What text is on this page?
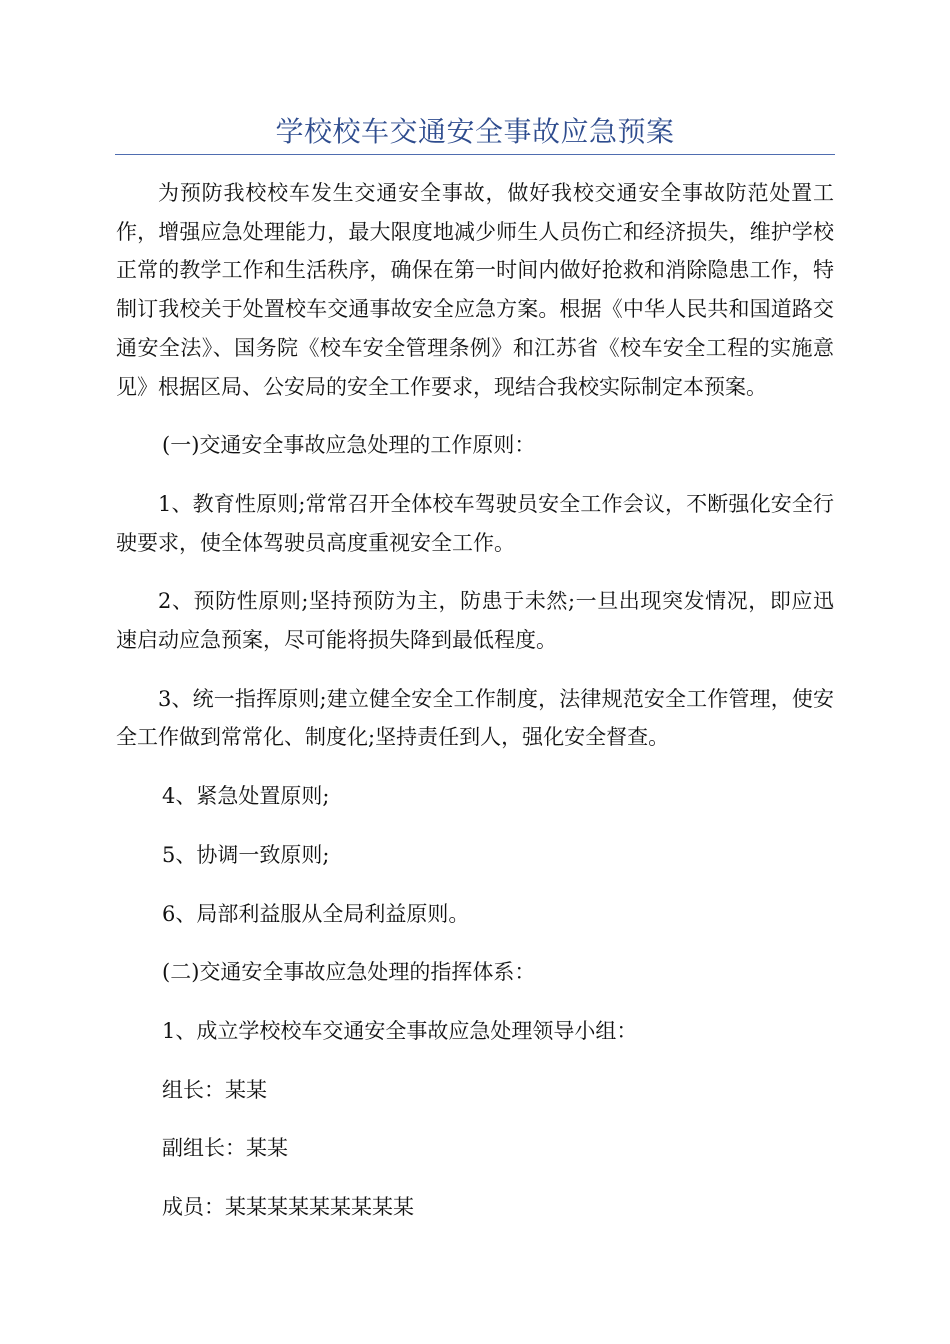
学校校车交通安全事故应急预案

为预防我校校车发生交通安全事故，做好我校交通安全事故防范处置工作，增强应急处理能力，最大限度地减少师生人员伤亡和经济损失，维护学校正常的教学工作和生活秩序，确保在第一时间内做好抢救和消除隐患工作，特制订我校关于处置校车交通事故安全应急方案。根据《中华人民共和国道路交通安全法》、国务院《校车安全管理条例》和江苏省《校车安全工程的实施意见》根据区局、公安局的安全工作要求，现结合我校实际制定本预案。

(一)交通安全事故应急处理的工作原则：

1、教育性原则;常常召开全体校车驾驶员安全工作会议，不断强化安全行驶要求，使全体驾驶员高度重视安全工作。

2、预防性原则;坚持预防为主，防患于未然;一旦出现突发情况，即应迅速启动应急预案，尽可能将损失降到最低程度。

3、统一指挥原则;建立健全安全工作制度，法律规范安全工作管理，使安全工作做到常常化、制度化;坚持责任到人，强化安全督查。

4、紧急处置原则;

5、协调一致原则;

6、局部利益服从全局利益原则。

(二)交通安全事故应急处理的指挥体系：

1、成立学校校车交通安全事故应急处理领导小组：

组长：某某

副组长：某某

成员：某某某某某某某某某
